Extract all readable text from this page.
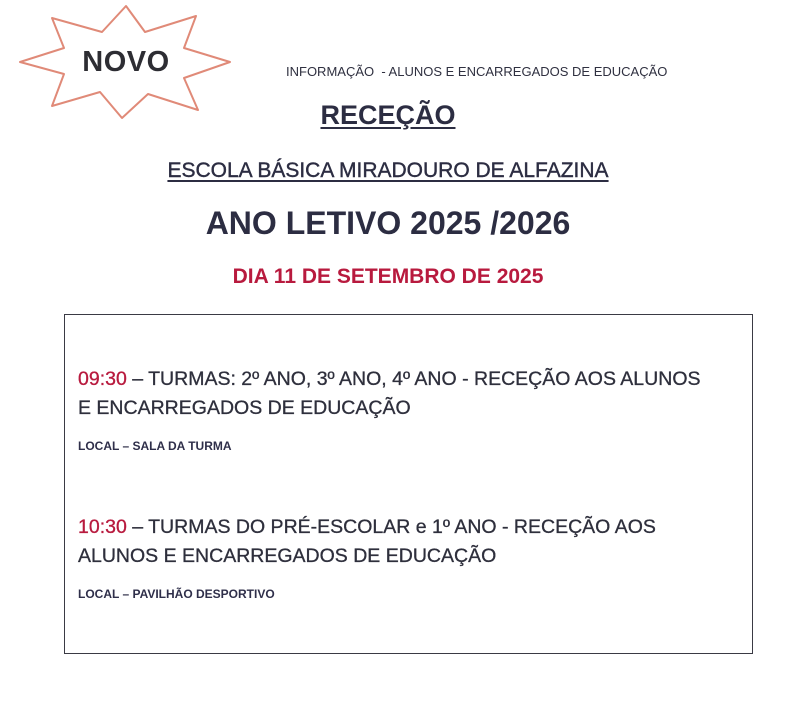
NOVO	INFORMAÇÃO  - ALUNOS E ENCARREGADOS DE EDUCAÇÃO
RECEÇÃO
ESCOLA BÁSICA MIRADOURO DE ALFAZINA
ANO LETIVO 2025 /2026
DIA 11 DE SETEMBRO DE 2025
09:30 – TURMAS: 2º ANO, 3º ANO, 4º ANO - RECEÇÃO AOS ALUNOS
E ENCARREGADOS DE EDUCAÇÃO
LOCAL – SALA DA TURMA
10:30 – TURMAS DO PRÉ-ESCOLAR e 1º ANO - RECEÇÃO AOS
ALUNOS E ENCARREGADOS DE EDUCAÇÃO
LOCAL – PAVILHÃO DESPORTIVO
